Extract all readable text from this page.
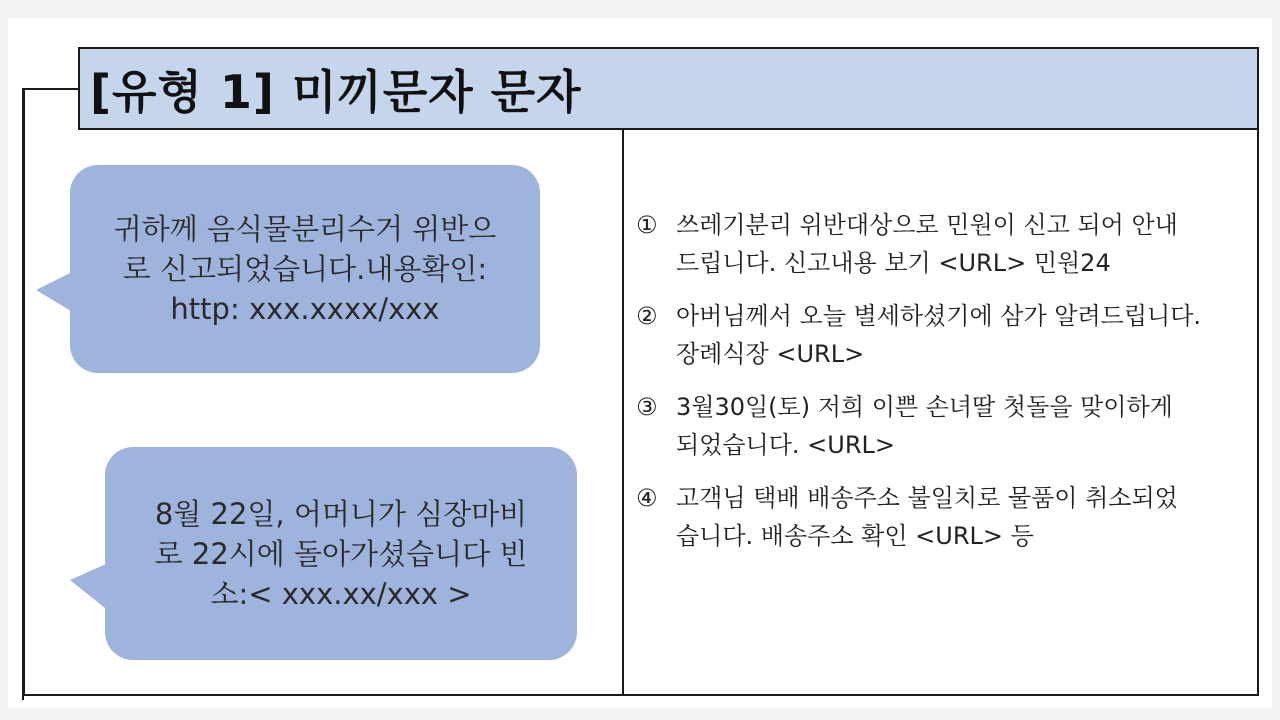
[유형 1] 미끼문자 문자
귀하께 음식물분리수거 위반으
로 신고되었습니다.내용확인:
http: xxx.xxxx/xxx
8월 22일, 어머니가 심장마비
로 22시에 돌아가셨습니다 빈
소:< xxx.xx/xxx >
① 쓰레기분리 위반대상으로 민원이 신고 되어 안내
드립니다. 신고내용 보기 <URL> 민원24
② 아버님께서 오늘 별세하셨기에 삼가 알려드립니다.
장례식장 <URL>
③ 3월30일(토) 저희 이쁜 손녀딸 첫돌을 맞이하게
되었습니다. <URL>
④ 고객님 택배 배송주소 불일치로 물품이 취소되었
습니다. 배송주소 확인 <URL> 등
